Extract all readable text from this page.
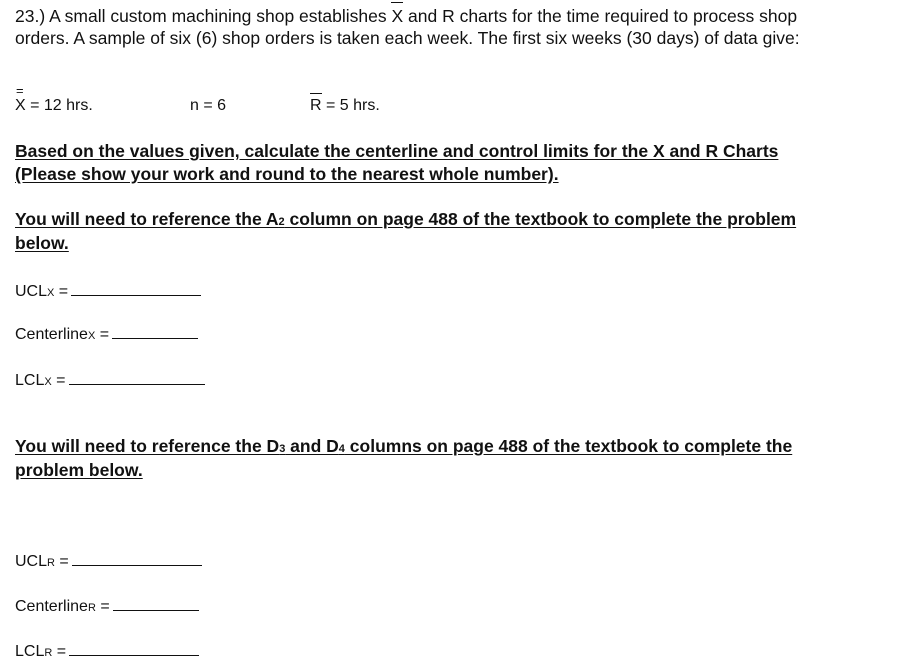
23.) A small custom machining shop establishes
X and R charts for the time required to process shop
orders. A sample of six (6) shop orders is taken each week. The first six weeks (30 days) of data give:
=
X = 12 hrs.	n = 6	R = 5 hrs.
Based on the values given, calculate the centerline and control limits for the X and R Charts
(Please show your work and round to the nearest whole number).
You will need to reference the A2 column on page 488 of the textbook to complete the problem
below.
UCLX =
CenterlineX =
LCLX =
You will need to reference the D3 and D4 columns on page 488 of the textbook to complete the
problem below.
UCLR =
CenterlineR =
LCLR =
